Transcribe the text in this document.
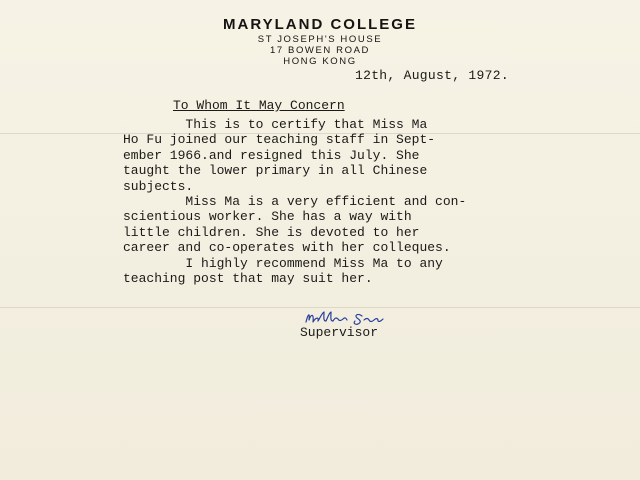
MARYLAND COLLEGE
ST JOSEPH'S HOUSE
17 BOWEN ROAD
HONG KONG
12th, August, 1972.
To Whom It May Concern
This is to certify that Miss Ma
Ho Fu joined our teaching staff in Sept-
ember 1966.and resigned this July. She
taught the lower primary in all Chinese
subjects.
Miss Ma is a very efficient and con-
scientious worker. She has a way with
little children. She is devoted to her
career and co-operates with her colleques.
I highly recommend Miss Ma to any
teaching post that may suit her.
Supervisor
